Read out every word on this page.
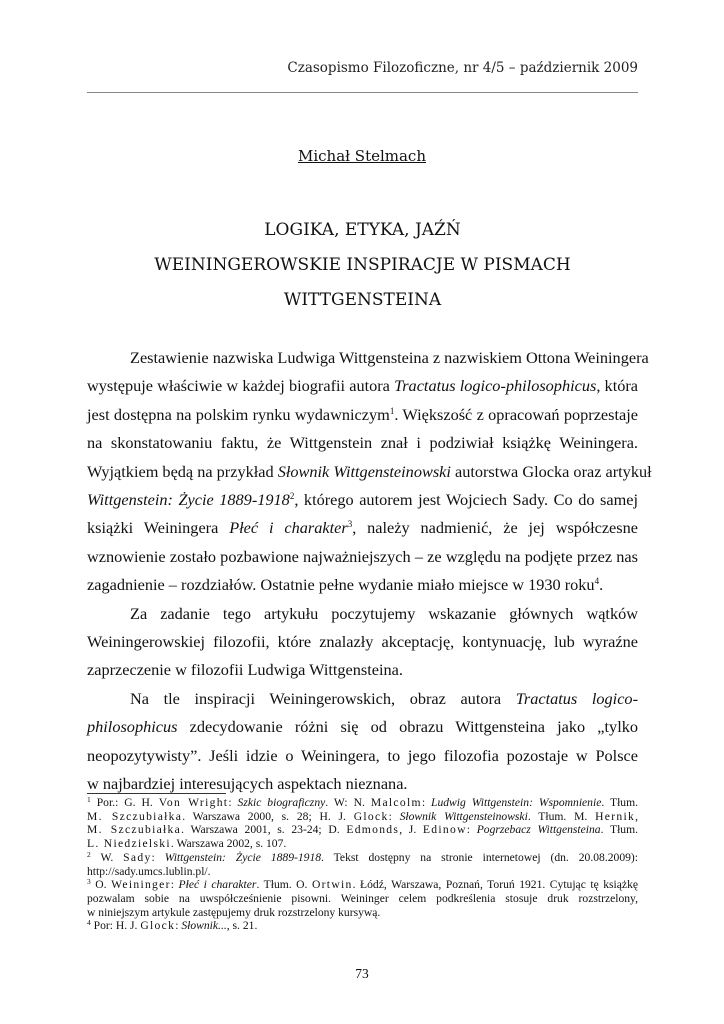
Czasopismo Filozoficzne, nr 4/5 – październik 2009
Michał Stelmach
LOGIKA, ETYKA, JAŹŃ
WEININGEROWSKIE INSPIRACJE W PISMACH
WITTGENSTEINA
Zestawienie nazwiska Ludwiga Wittgensteina z nazwiskiem Ottona Weiningera
występuje właściwie w każdej biografii autora Tractatus logico-philosophicus, która
jest dostępna na polskim rynku wydawniczym$^1$. Większość z opracowań poprzestaje
na skonstatowaniu faktu, że Wittgenstein znał i podziwiał książkę Weiningera.
Wyjątkiem będą na przykład Słownik Wittgensteinowski autorstwa Glocka oraz artykuł
Wittgenstein: Życie 1889-1918$^2$, którego autorem jest Wojciech Sady. Co do samej
książki Weiningera Płeć i charakter$^3$, należy nadmienić, że jej współczesne
wznowienie zostało pozbawione najważniejszych – ze względu na podjęte przez nas
zagadnienie – rozdziałów. Ostatnie pełne wydanie miało miejsce w 1930 roku$^4$.
Za zadanie tego artykułu poczytujemy wskazanie głównych wątków
Weiningerowskiej filozofii, które znalazły akceptację, kontynuację, lub wyraźne
zaprzeczenie w filozofii Ludwiga Wittgensteina.
Na tle inspiracji Weiningerowskich, obraz autora Tractatus logico-
philosophicus zdecydowanie różni się od obrazu Wittgensteina jako „tylko
neopozytywisty”. Jeśli idzie o Weiningera, to jego filozofia pozostaje w Polsce
w najbardziej interesujących aspektach nieznana.
$^1$ Por.: G. H. Von Wright: Szkic biograficzny. W: N. Malcolm: Ludwig Wittgenstein: Wspomnienie. Tłum.
M. Szczubiałka. Warszawa 2000, s. 28; H. J. Glock: Słownik Wittgensteinowski. Tłum. M. Hernik,
M. Szczubiałka. Warszawa 2001, s. 23-24; D. Edmonds, J. Edinow: Pogrzebacz Wittgensteina. Tłum.
L. Niedzielski. Warszawa 2002, s. 107.
$^2$ W. Sady: Wittgenstein: Życie 1889-1918. Tekst dostępny na stronie internetowej (dn. 20.08.2009):
http://sady.umcs.lublin.pl/.
$^3$ O. Weininger: Płeć i charakter. Tłum. O. Ortwin. Łódź, Warszawa, Poznań, Toruń 1921. Cytując tę książkę
pozwalam sobie na uwspółcześnienie pisowni. Weininger celem podkreślenia stosuje druk rozstrzelony,
w niniejszym artykule zastępujemy druk rozstrzelony kursywą.
$^4$ Por: H. J. Glock: Słownik..., s. 21.
73
